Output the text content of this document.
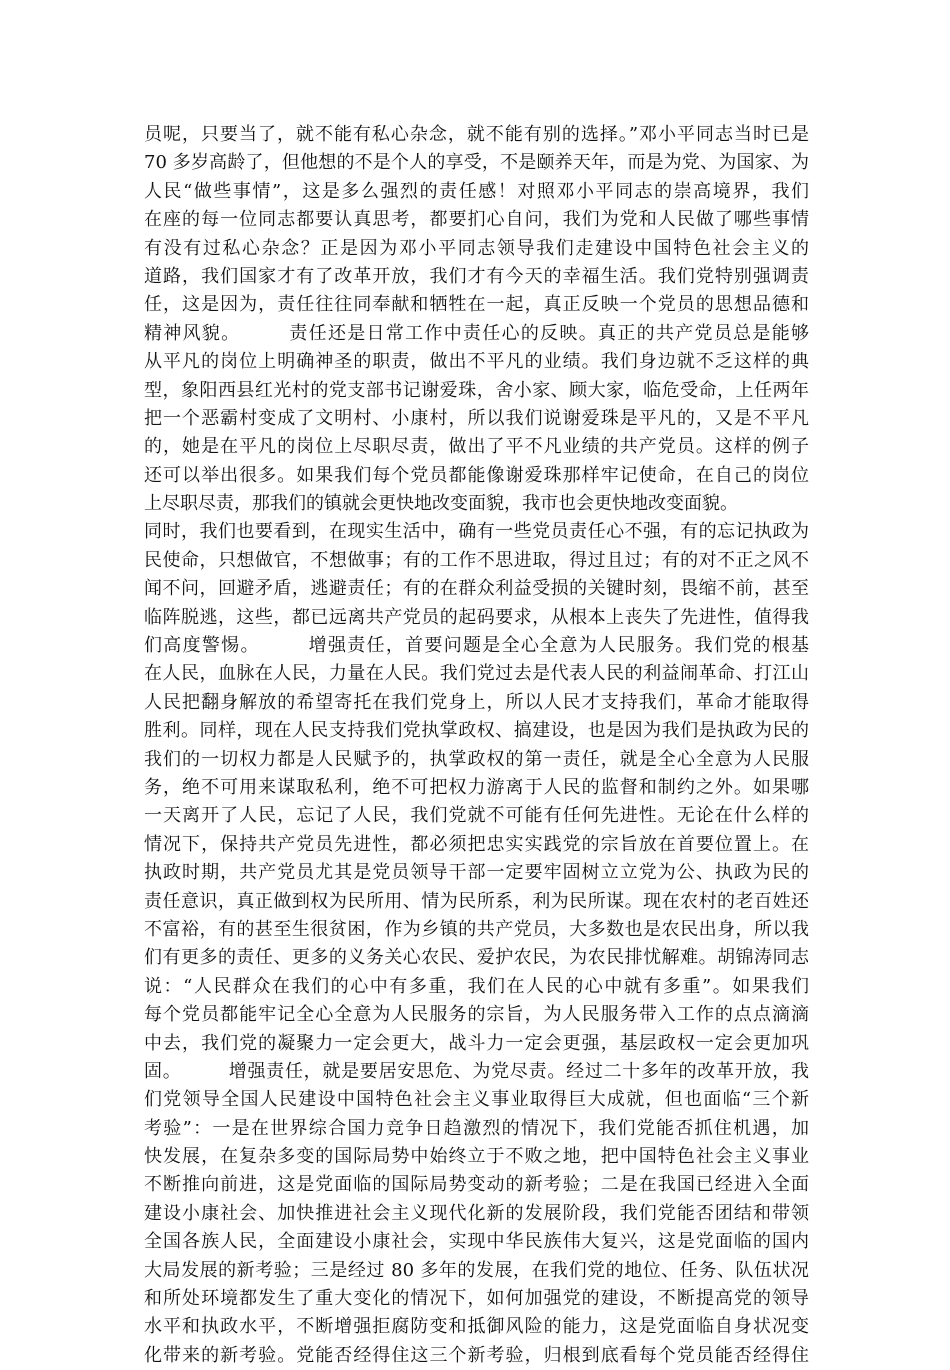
员呢，只要当了，就不能有私心杂念，就不能有别的选择。”邓小平同志当时已是
70 多岁高龄了，但他想的不是个人的享受，不是颐养天年，而是为党、为国家、为
人民“做些事情”，这是多么强烈的责任感！对照邓小平同志的崇高境界，我们
在座的每一位同志都要认真思考，都要扪心自问，我们为党和人民做了哪些事情
有没有过私心杂念？正是因为邓小平同志领导我们走建设中国特色社会主义的
道路，我们国家才有了改革开放，我们才有今天的幸福生活。我们党特别强调责
任，这是因为，责任往往同奉献和牺牲在一起，真正反映一个党员的思想品德和
精神风貌。　　　责任还是日常工作中责任心的反映。真正的共产党员总是能够
从平凡的岗位上明确神圣的职责，做出不平凡的业绩。我们身边就不乏这样的典
型，象阳西县红光村的党支部书记谢爱珠，舍小家、顾大家，临危受命，上任两年
把一个恶霸村变成了文明村、小康村，所以我们说谢爱珠是平凡的，又是不平凡
的，她是在平凡的岗位上尽职尽责，做出了平不凡业绩的共产党员。这样的例子
还可以举出很多。如果我们每个党员都能像谢爱珠那样牢记使命，在自己的岗位
上尽职尽责，那我们的镇就会更快地改变面貌，我市也会更快地改变面貌。
同时，我们也要看到，在现实生活中，确有一些党员责任心不强，有的忘记执政为
民使命，只想做官，不想做事；有的工作不思进取，得过且过；有的对不正之风不
闻不问，回避矛盾，逃避责任；有的在群众利益受损的关键时刻，畏缩不前，甚至
临阵脱逃，这些，都已远离共产党员的起码要求，从根本上丧失了先进性，值得我
们高度警惕。　　　增强责任，首要问题是全心全意为人民服务。我们党的根基
在人民，血脉在人民，力量在人民。我们党过去是代表人民的利益闹革命、打江山
人民把翻身解放的希望寄托在我们党身上，所以人民才支持我们，革命才能取得
胜利。同样，现在人民支持我们党执掌政权、搞建设，也是因为我们是执政为民的
我们的一切权力都是人民赋予的，执掌政权的第一责任，就是全心全意为人民服
务，绝不可用来谋取私利，绝不可把权力游离于人民的监督和制约之外。如果哪
一天离开了人民，忘记了人民，我们党就不可能有任何先进性。无论在什么样的
情况下，保持共产党员先进性，都必须把忠实实践党的宗旨放在首要位置上。在
执政时期，共产党员尤其是党员领导干部一定要牢固树立立党为公、执政为民的
责任意识，真正做到权为民所用、情为民所系，利为民所谋。现在农村的老百姓还
不富裕，有的甚至生很贫困，作为乡镇的共产党员，大多数也是农民出身，所以我
们有更多的责任、更多的义务关心农民、爱护农民，为农民排忧解难。胡锦涛同志
说：“人民群众在我们的心中有多重，我们在人民的心中就有多重”。如果我们
每个党员都能牢记全心全意为人民服务的宗旨，为人民服务带入工作的点点滴滴
中去，我们党的凝聚力一定会更大，战斗力一定会更强，基层政权一定会更加巩
固。　　　增强责任，就是要居安思危、为党尽责。经过二十多年的改革开放，我
们党领导全国人民建设中国特色社会主义事业取得巨大成就，但也面临“三个新
考验”：一是在世界综合国力竞争日趋激烈的情况下，我们党能否抓住机遇，加
快发展，在复杂多变的国际局势中始终立于不败之地，把中国特色社会主义事业
不断推向前进，这是党面临的国际局势变动的新考验；二是在我国已经进入全面
建设小康社会、加快推进社会主义现代化新的发展阶段，我们党能否团结和带领
全国各族人民，全面建设小康社会，实现中华民族伟大复兴，这是党面临的国内
大局发展的新考验；三是经过 80 多年的发展，在我们党的地位、任务、队伍状况
和所处环境都发生了重大变化的情况下，如何加强党的建设，不断提高党的领导
水平和执政水平，不断增强拒腐防变和抵御风险的能力，这是党面临自身状况变
化带来的新考验。党能否经得住这三个新考验，归根到底看每个党员能否经得住
